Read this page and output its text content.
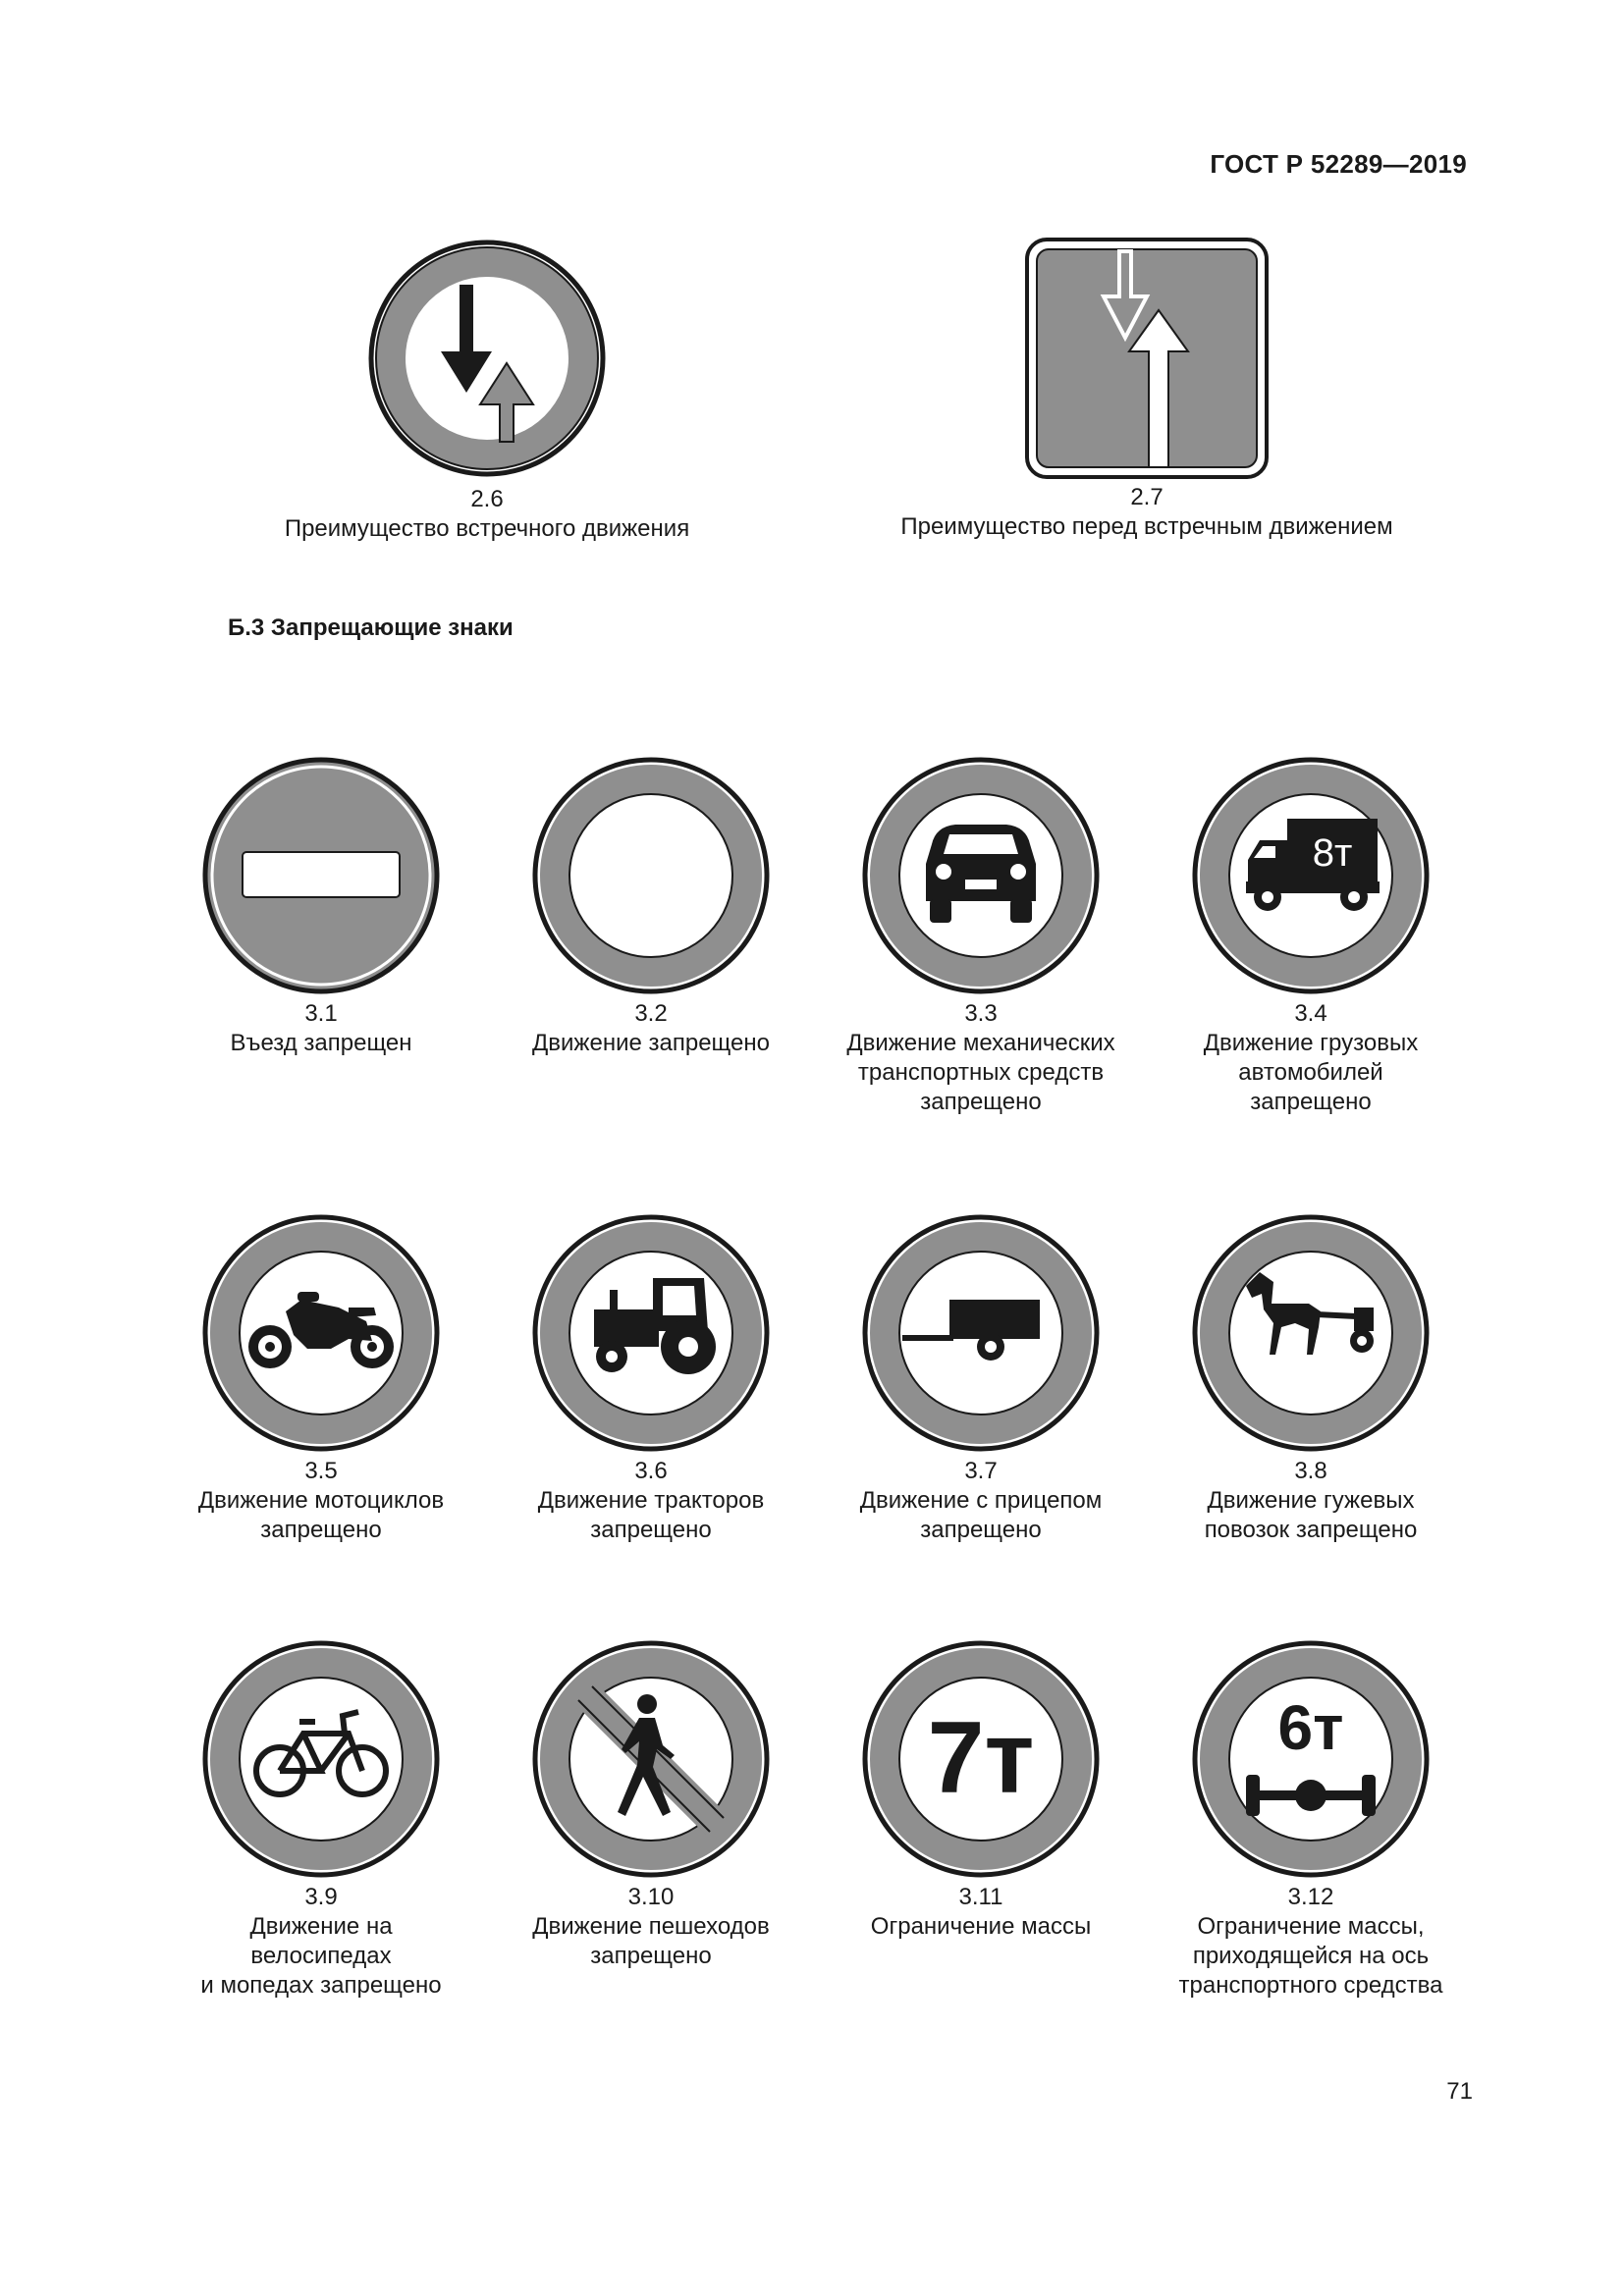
ГОСТ Р 52289—2019
2.6
Преимущество встречного движения
2.7
Преимущество перед встречным движением
Б.3 Запрещающие знаки
3.1
Въезд запрещен
3.2
Движение запрещено
3.3
Движение механических
транспортных средств
запрещено
8т
3.4
Движение грузовых
автомобилей
запрещено
3.5
Движение мотоциклов
запрещено
3.6
Движение тракторов
запрещено
3.7
Движение с прицепом
запрещено
3.8
Движение гужевых
повозок запрещено
3.9
Движение на
велосипедах
и мопедах запрещено
3.10
Движение пешеходов
запрещено
7т
3.11
Ограничение массы
6т
3.12
Ограничение массы,
приходящейся на ось
транспортного средства
71
